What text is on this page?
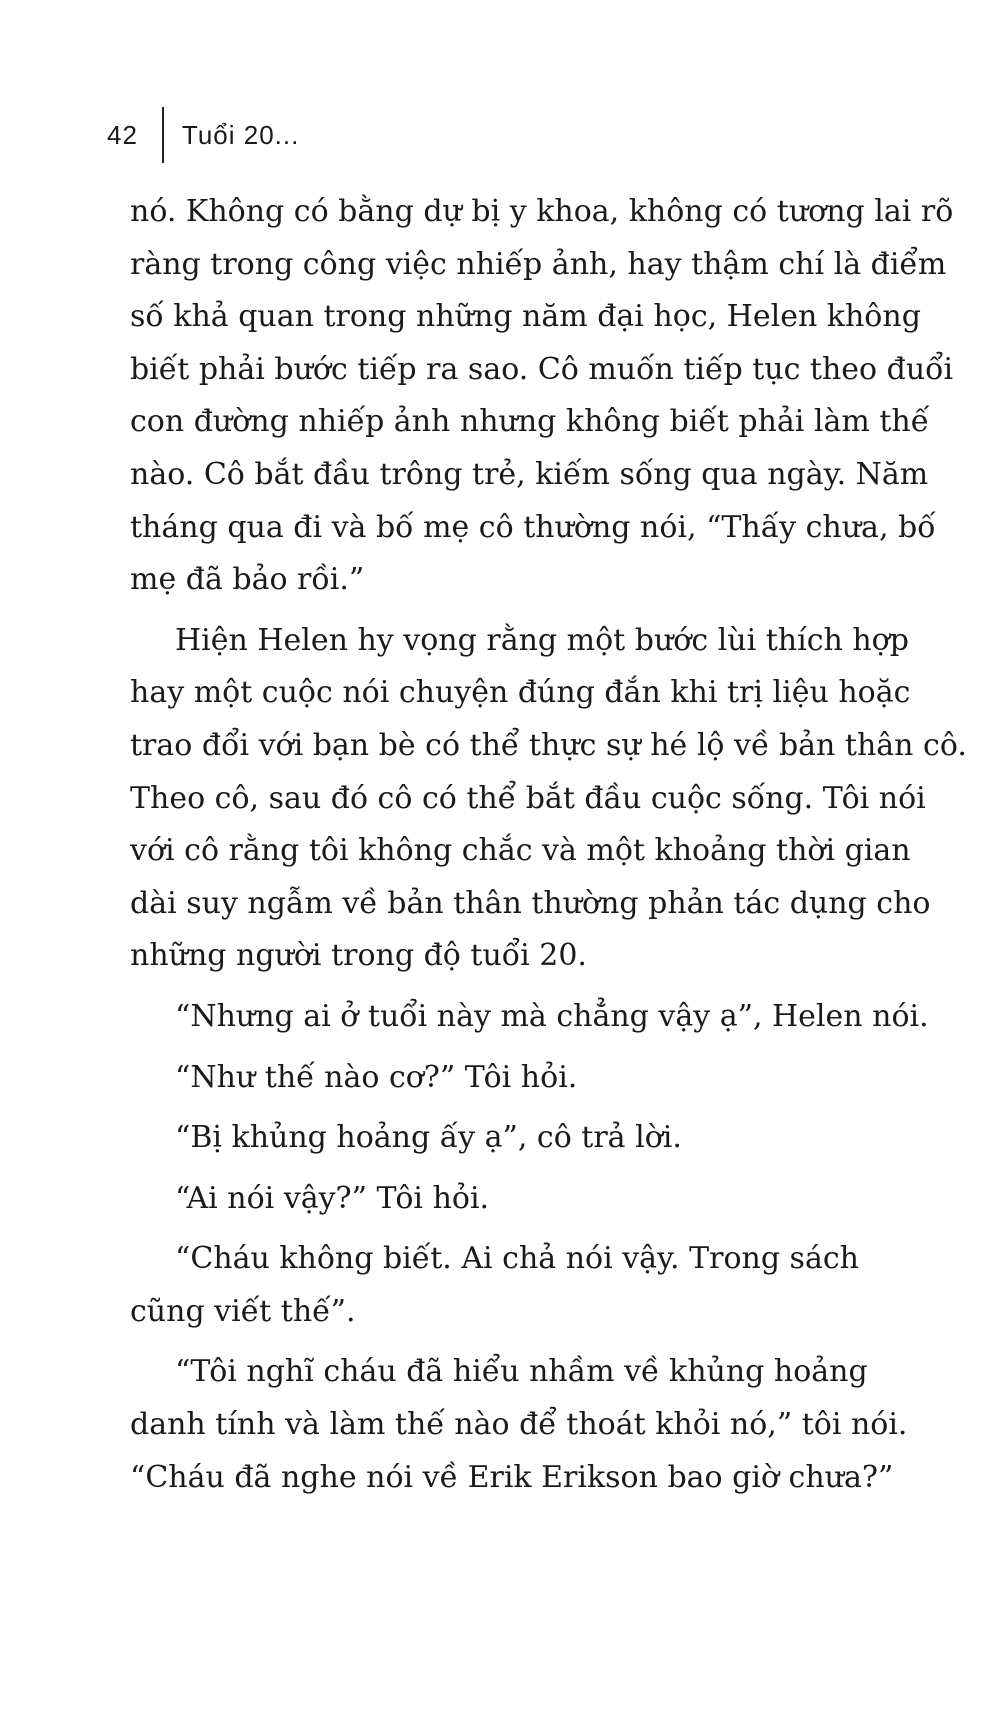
42 Tuổi 20...
nó. Không có bằng dự bị y khoa, không có tương lai rõ
ràng trong công việc nhiếp ảnh, hay thậm chí là điểm
số khả quan trong những năm đại học, Helen không
biết phải bước tiếp ra sao. Cô muốn tiếp tục theo đuổi
con đường nhiếp ảnh nhưng không biết phải làm thế
nào. Cô bắt đầu trông trẻ, kiếm sống qua ngày. Năm
tháng qua đi và bố mẹ cô thường nói, “Thấy chưa, bố
mẹ đã bảo rồi.”
Hiện Helen hy vọng rằng một bước lùi thích hợp
hay một cuộc nói chuyện đúng đắn khi trị liệu hoặc
trao đổi với bạn bè có thể thực sự hé lộ về bản thân cô.
Theo cô, sau đó cô có thể bắt đầu cuộc sống. Tôi nói
với cô rằng tôi không chắc và một khoảng thời gian
dài suy ngẫm về bản thân thường phản tác dụng cho
những người trong độ tuổi 20.
“Nhưng ai ở tuổi này mà chẳng vậy ạ”, Helen nói.
“Như thế nào cơ?” Tôi hỏi.
“Bị khủng hoảng ấy ạ”, cô trả lời.
“Ai nói vậy?” Tôi hỏi.
“Cháu không biết. Ai chả nói vậy. Trong sách
cũng viết thế”.
“Tôi nghĩ cháu đã hiểu nhầm về khủng hoảng
danh tính và làm thế nào để thoát khỏi nó,” tôi nói.
“Cháu đã nghe nói về Erik Erikson bao giờ chưa?”
